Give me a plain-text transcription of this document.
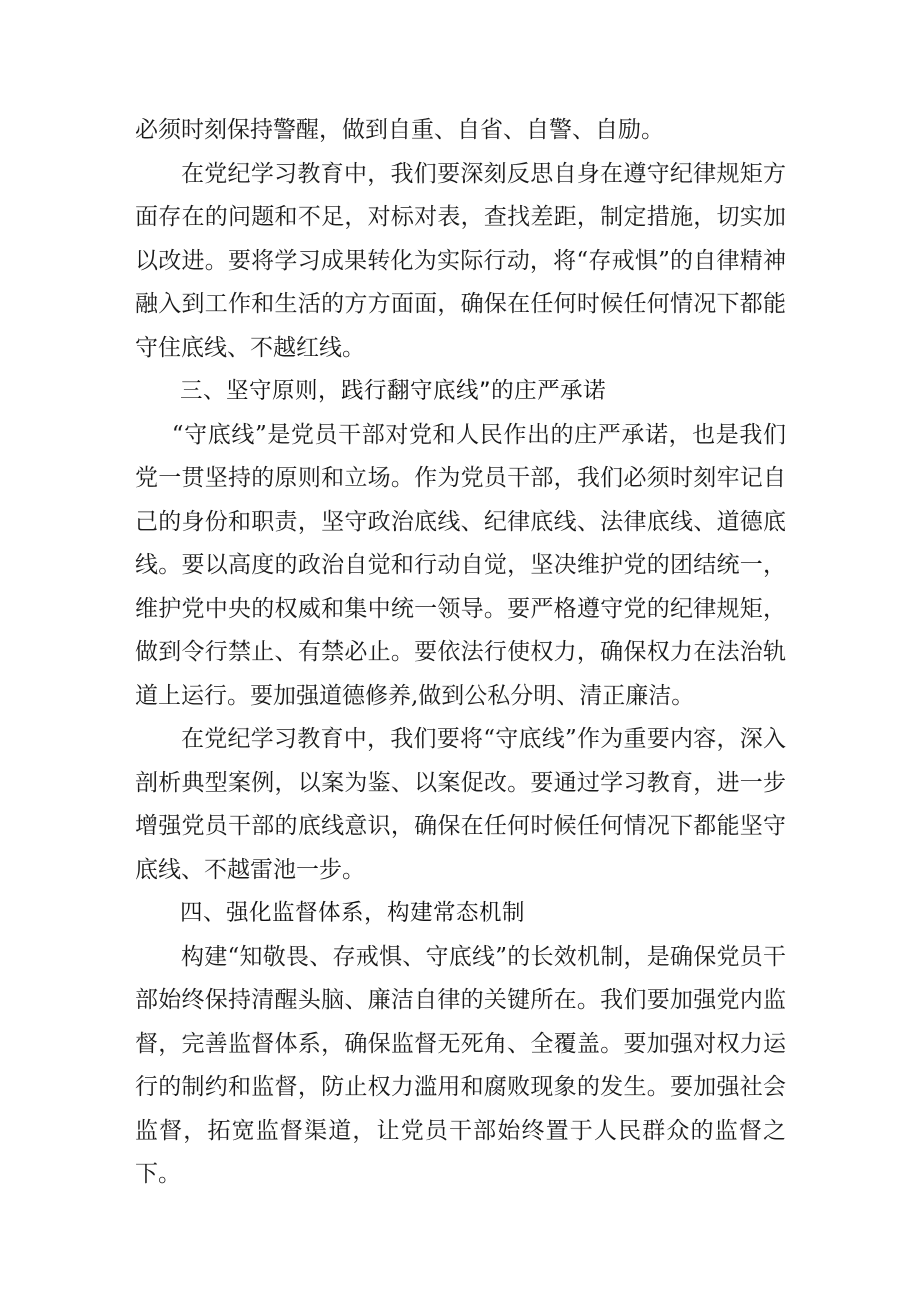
必须时刻保持警醒，做到自重、自省、自警、自励。

在党纪学习教育中，我们要深刻反思自身在遵守纪律规矩方面存在的问题和不足，对标对表，查找差距，制定措施，切实加以改进。要将学习成果转化为实际行动，将“存戒惧”的自律精神融入到工作和生活的方方面面，确保在任何时候任何情况下都能守住底线、不越红线。

三、坚守原则，践行翻守底线”的庄严承诺

“守底线”是党员干部对党和人民作出的庄严承诺，也是我们党一贯坚持的原则和立场。作为党员干部，我们必须时刻牢记自己的身份和职责，坚守政治底线、纪律底线、法律底线、道德底线。要以高度的政治自觉和行动自觉，坚决维护党的团结统一，维护党中央的权威和集中统一领导。要严格遵守党的纪律规矩，做到令行禁止、有禁必止。要依法行使权力，确保权力在法治轨道上运行。要加强道德修养,做到公私分明、清正廉洁。

在党纪学习教育中，我们要将“守底线”作为重要内容，深入剖析典型案例，以案为鉴、以案促改。要通过学习教育，进一步增强党员干部的底线意识，确保在任何时候任何情况下都能坚守底线、不越雷池一步。

四、强化监督体系，构建常态机制

构建“知敬畏、存戒惧、守底线”的长效机制，是确保党员干部始终保持清醒头脑、廉洁自律的关键所在。我们要加强党内监督，完善监督体系，确保监督无死角、全覆盖。要加强对权力运行的制约和监督，防止权力滥用和腐败现象的发生。要加强社会监督，拓宽监督渠道，让党员干部始终置于人民群众的监督之下。
